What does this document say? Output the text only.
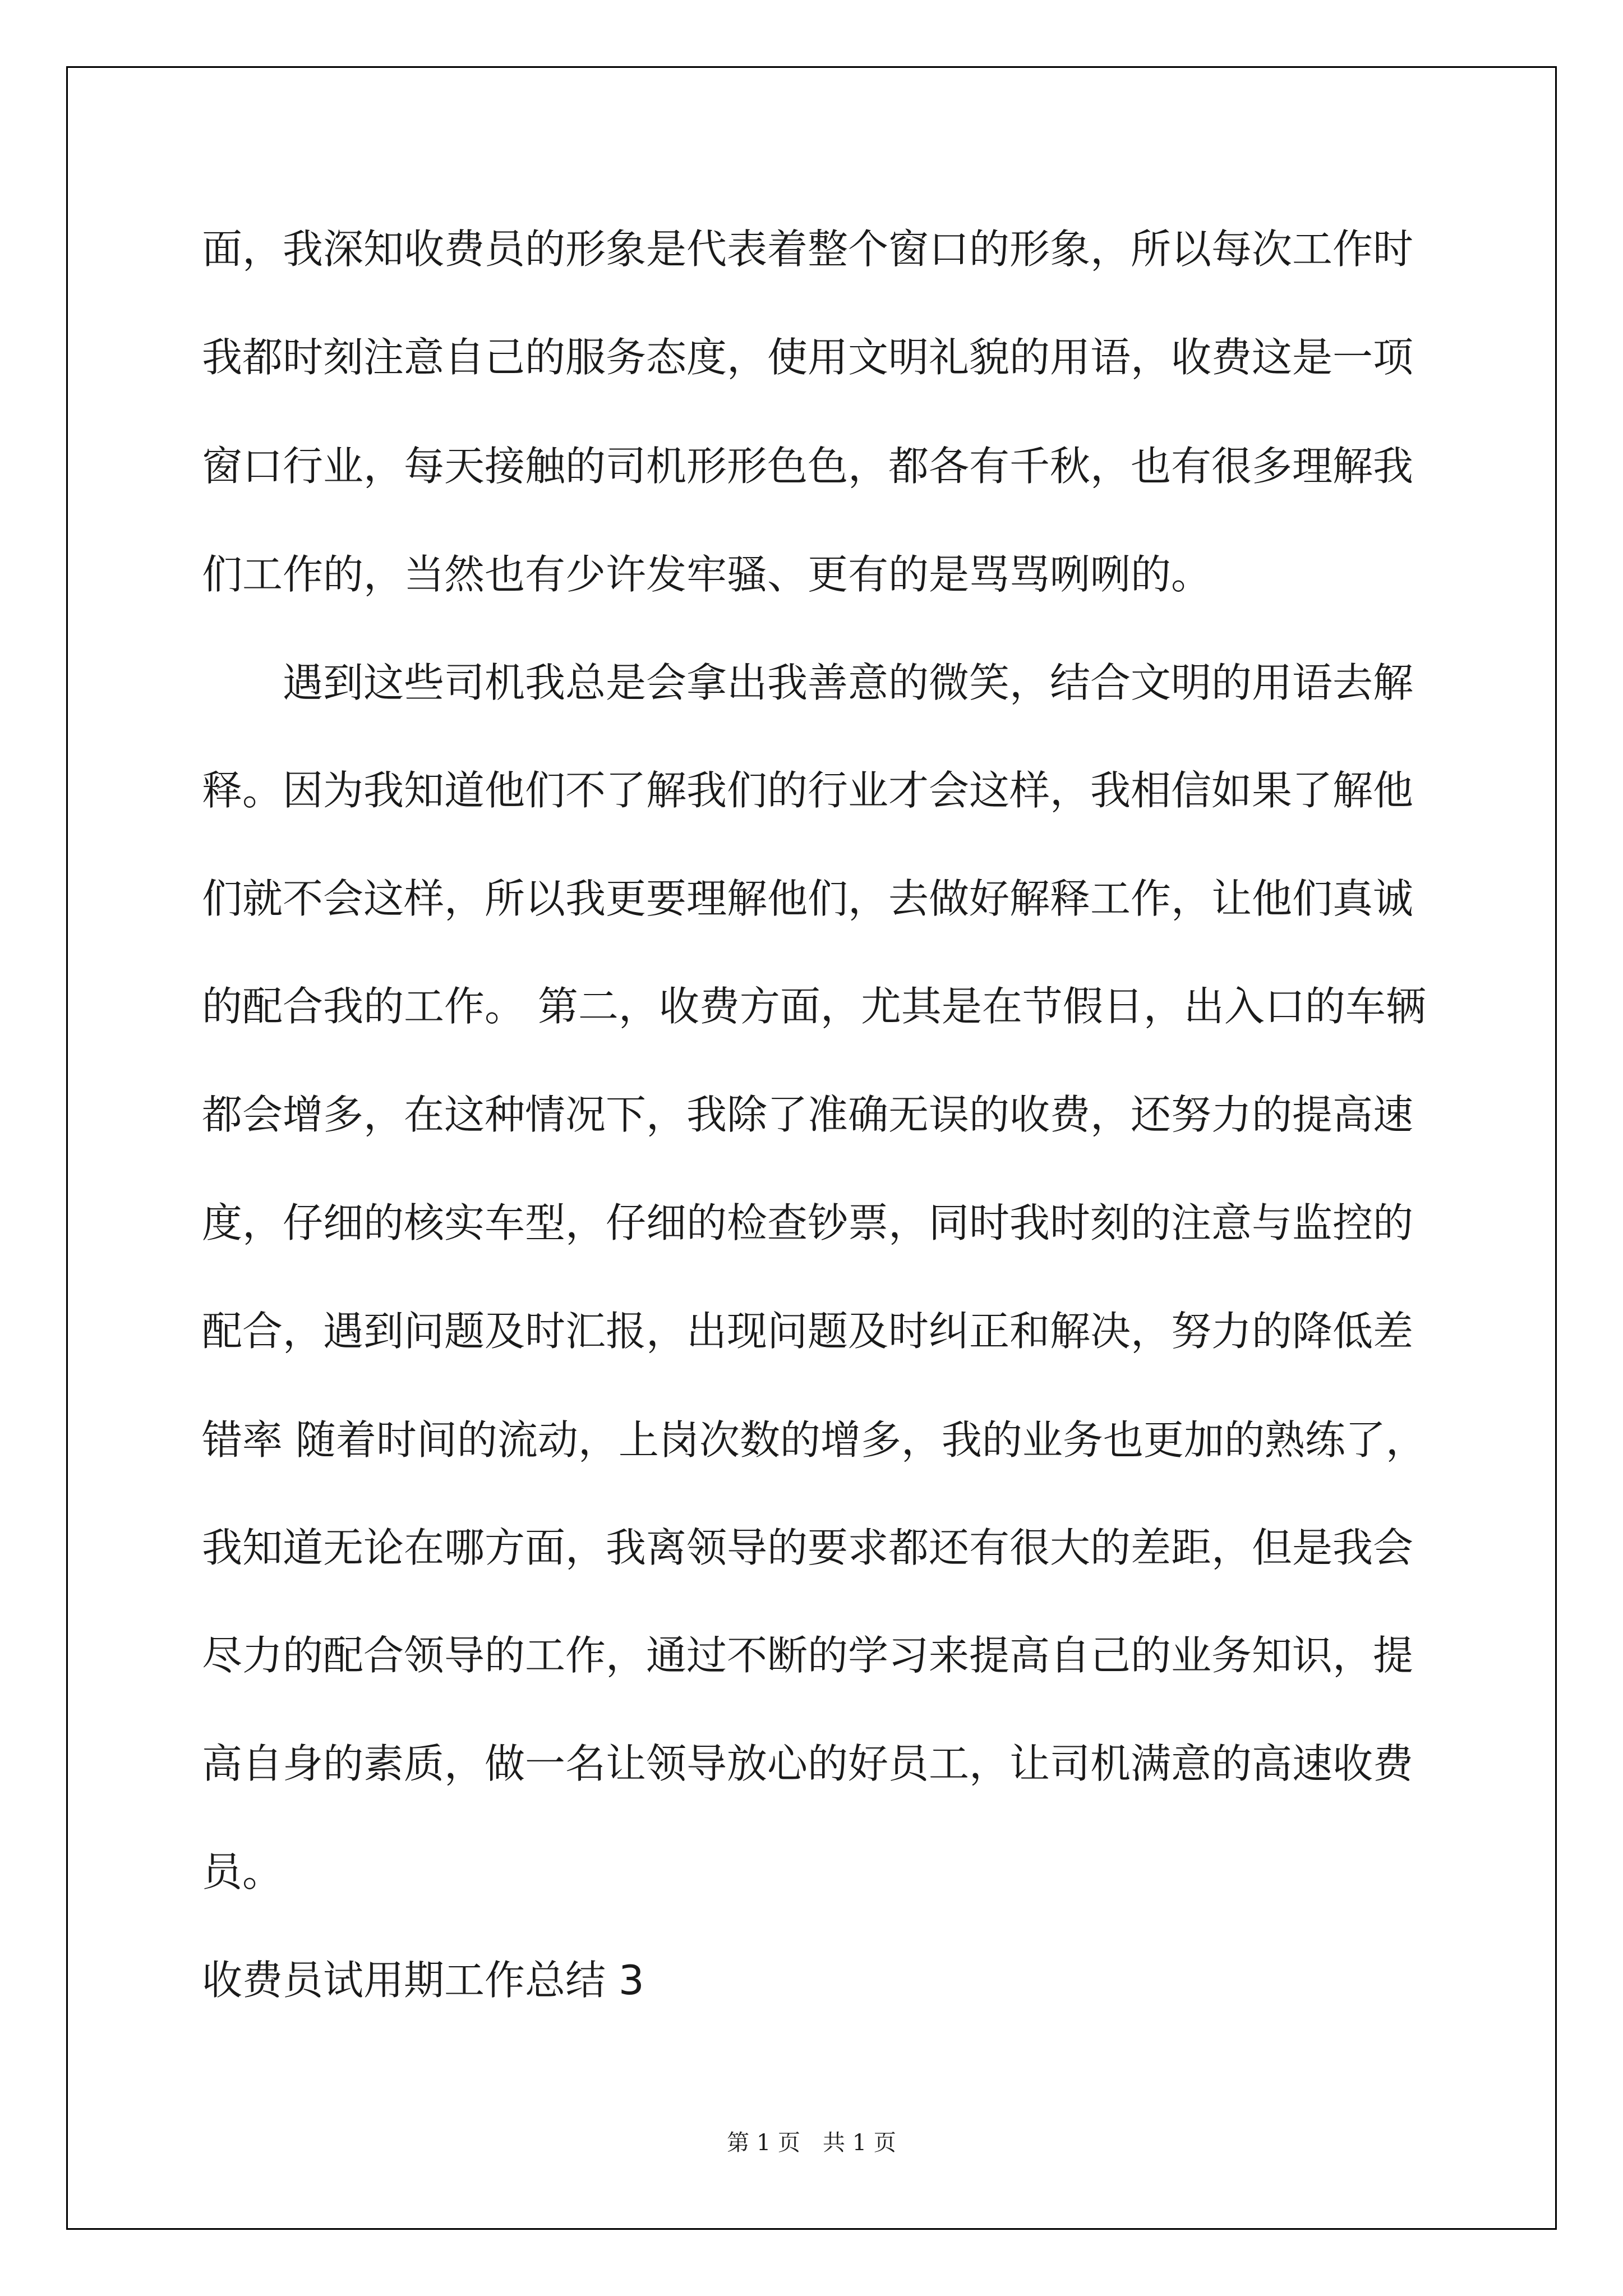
面，我深知收费员的形象是代表着整个窗口的形象，所以每次工作时
我都时刻注意自己的服务态度，使用文明礼貌的用语，收费这是一项
窗口行业，每天接触的司机形形色色，都各有千秋，也有很多理解我
们工作的，当然也有少许发牢骚、更有的是骂骂咧咧的。
　　遇到这些司机我总是会拿出我善意的微笑，结合文明的用语去解
释。因为我知道他们不了解我们的行业才会这样，我相信如果了解他
们就不会这样，所以我更要理解他们，去做好解释工作，让他们真诚
的配合我的工作。 第二，收费方面，尤其是在节假日，出入口的车辆
都会增多，在这种情况下，我除了准确无误的收费，还努力的提高速
度，仔细的核实车型，仔细的检查钞票，同时我时刻的注意与监控的
配合，遇到问题及时汇报，出现问题及时纠正和解决，努力的降低差
错率 随着时间的流动，上岗次数的增多，我的业务也更加的熟练了，
我知道无论在哪方面，我离领导的要求都还有很大的差距，但是我会
尽力的配合领导的工作，通过不断的学习来提高自己的业务知识，提
高自身的素质，做一名让领导放心的好员工，让司机满意的高速收费
员。
收费员试用期工作总结 3
第 1 页　共 1 页
